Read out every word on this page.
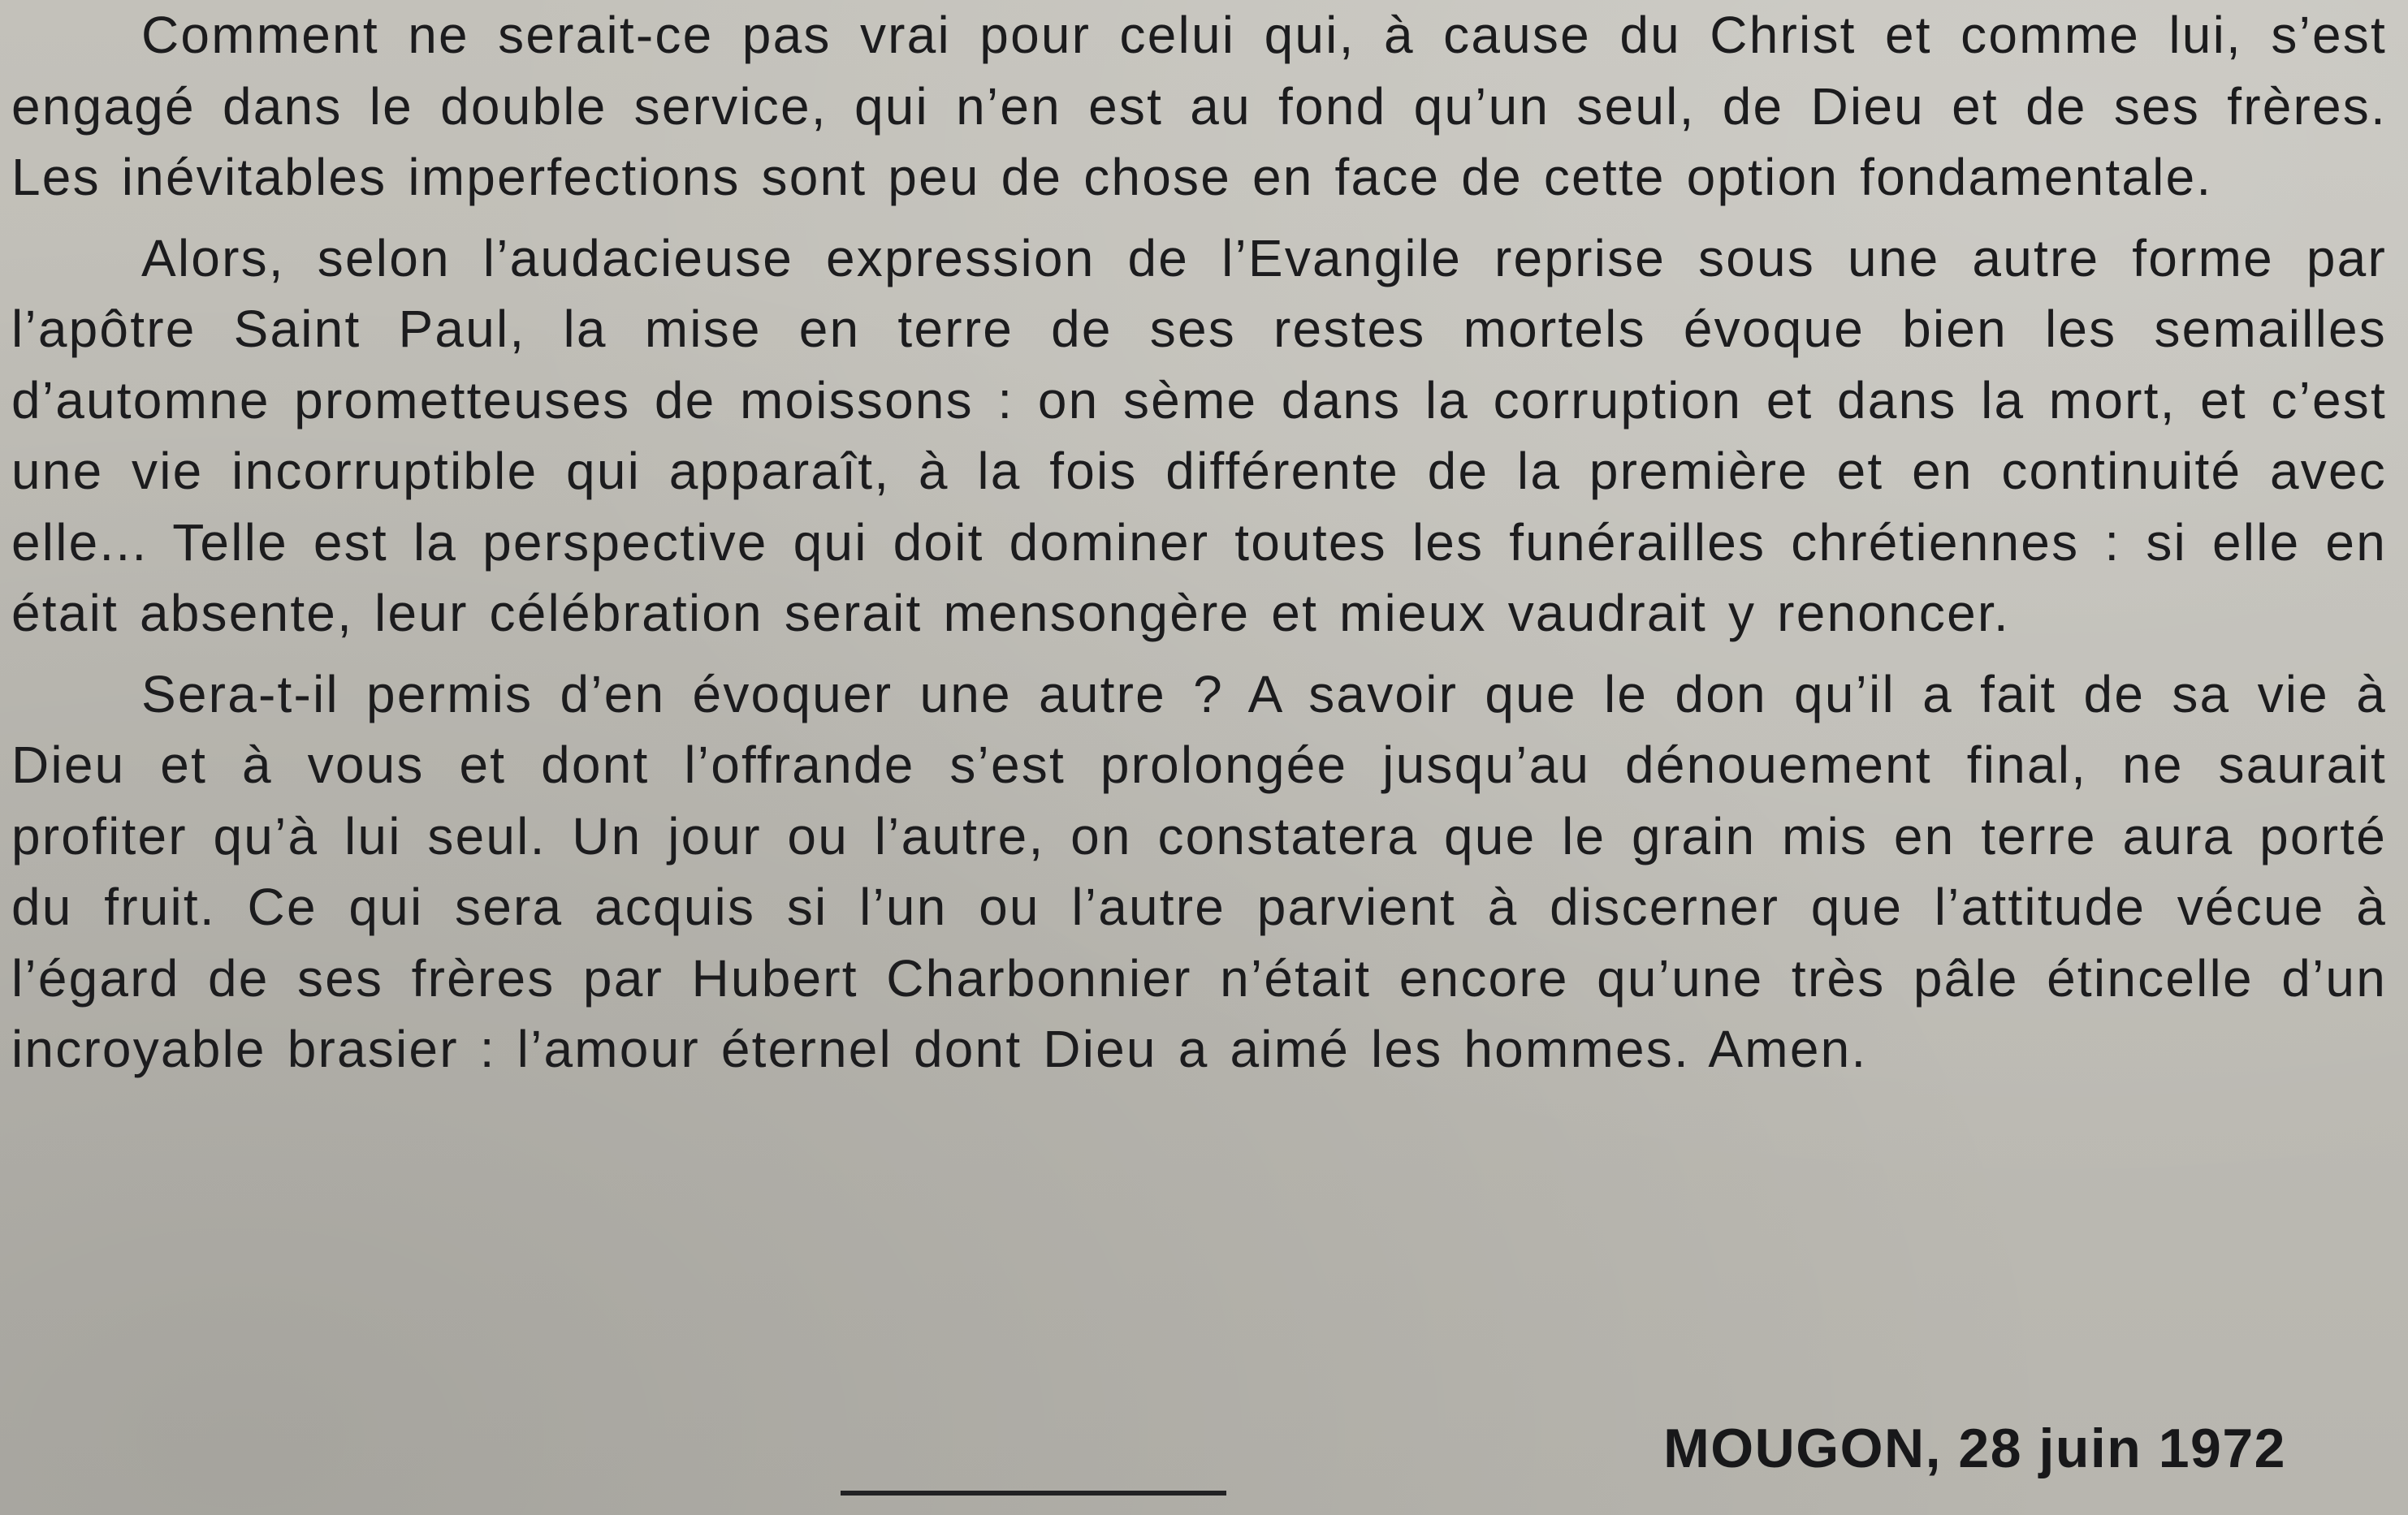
Comment ne serait-ce pas vrai pour celui qui, à cause du Christ et comme lui, s’est engagé dans le double service, qui n’en est au fond qu’un seul, de Dieu et de ses frères. Les inévitables imperfections sont peu de chose en face de cette option fondamentale.

Alors, selon l’audacieuse expression de l’Evangile reprise sous une autre forme par l’apôtre Saint Paul, la mise en terre de ses restes mortels évoque bien les semailles d’automne prometteuses de moissons : on sème dans la corruption et dans la mort, et c’est une vie incorruptible qui apparaît, à la fois différente de la première et en continuité avec elle... Telle est la perspective qui doit dominer toutes les funérailles chrétiennes : si elle en était absente, leur célébration serait mensongère et mieux vaudrait y renoncer.

Sera-t-il permis d’en évoquer une autre ? A savoir que le don qu’il a fait de sa vie à Dieu et à vous et dont l’offrande s’est prolongée jusqu’au dénouement final, ne saurait profiter qu’à lui seul. Un jour ou l’autre, on constatera que le grain mis en terre aura porté du fruit. Ce qui sera acquis si l’un ou l’autre parvient à discerner que l’attitude vécue à l’égard de ses frères par Hubert Charbonnier n’était encore qu’une très pâle étincelle d’un incroyable brasier : l’amour éternel dont Dieu a aimé les hommes. Amen.

MOUGON, 28 juin 1972
